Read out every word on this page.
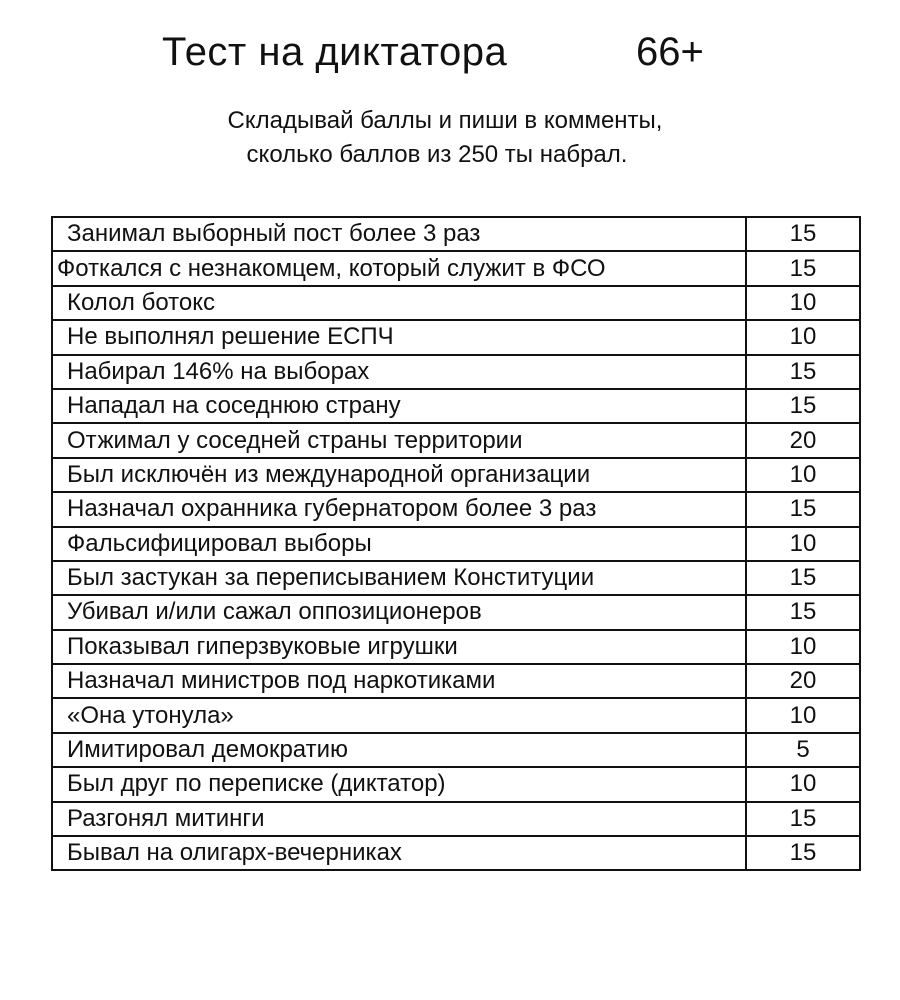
Тест на диктатора	66+
Складывай баллы и пиши в комменты,
сколько баллов из 250 ты набрал.
Занимал выборный пост более 3 раз	15
Фоткался с незнакомцем, который служит в ФСО	15
Колол ботокс	10
Не выполнял решение ЕСПЧ	10
Набирал 146% на выборах	15
Нападал на соседнюю страну	15
Отжимал у соседней страны территории	20
Был исключён из международной организации	10
Назначал охранника губернатором более 3 раз	15
Фальсифицировал выборы	10
Был застукан за переписыванием Конституции	15
Убивал и/или сажал оппозиционеров	15
Показывал гиперзвуковые игрушки	10
Назначал министров под наркотиками	20
«Она утонула»	10
Имитировал демократию	5
Был друг по переписке (диктатор)	10
Разгонял митинги	15
Бывал на олигарх-вечерниках	15
